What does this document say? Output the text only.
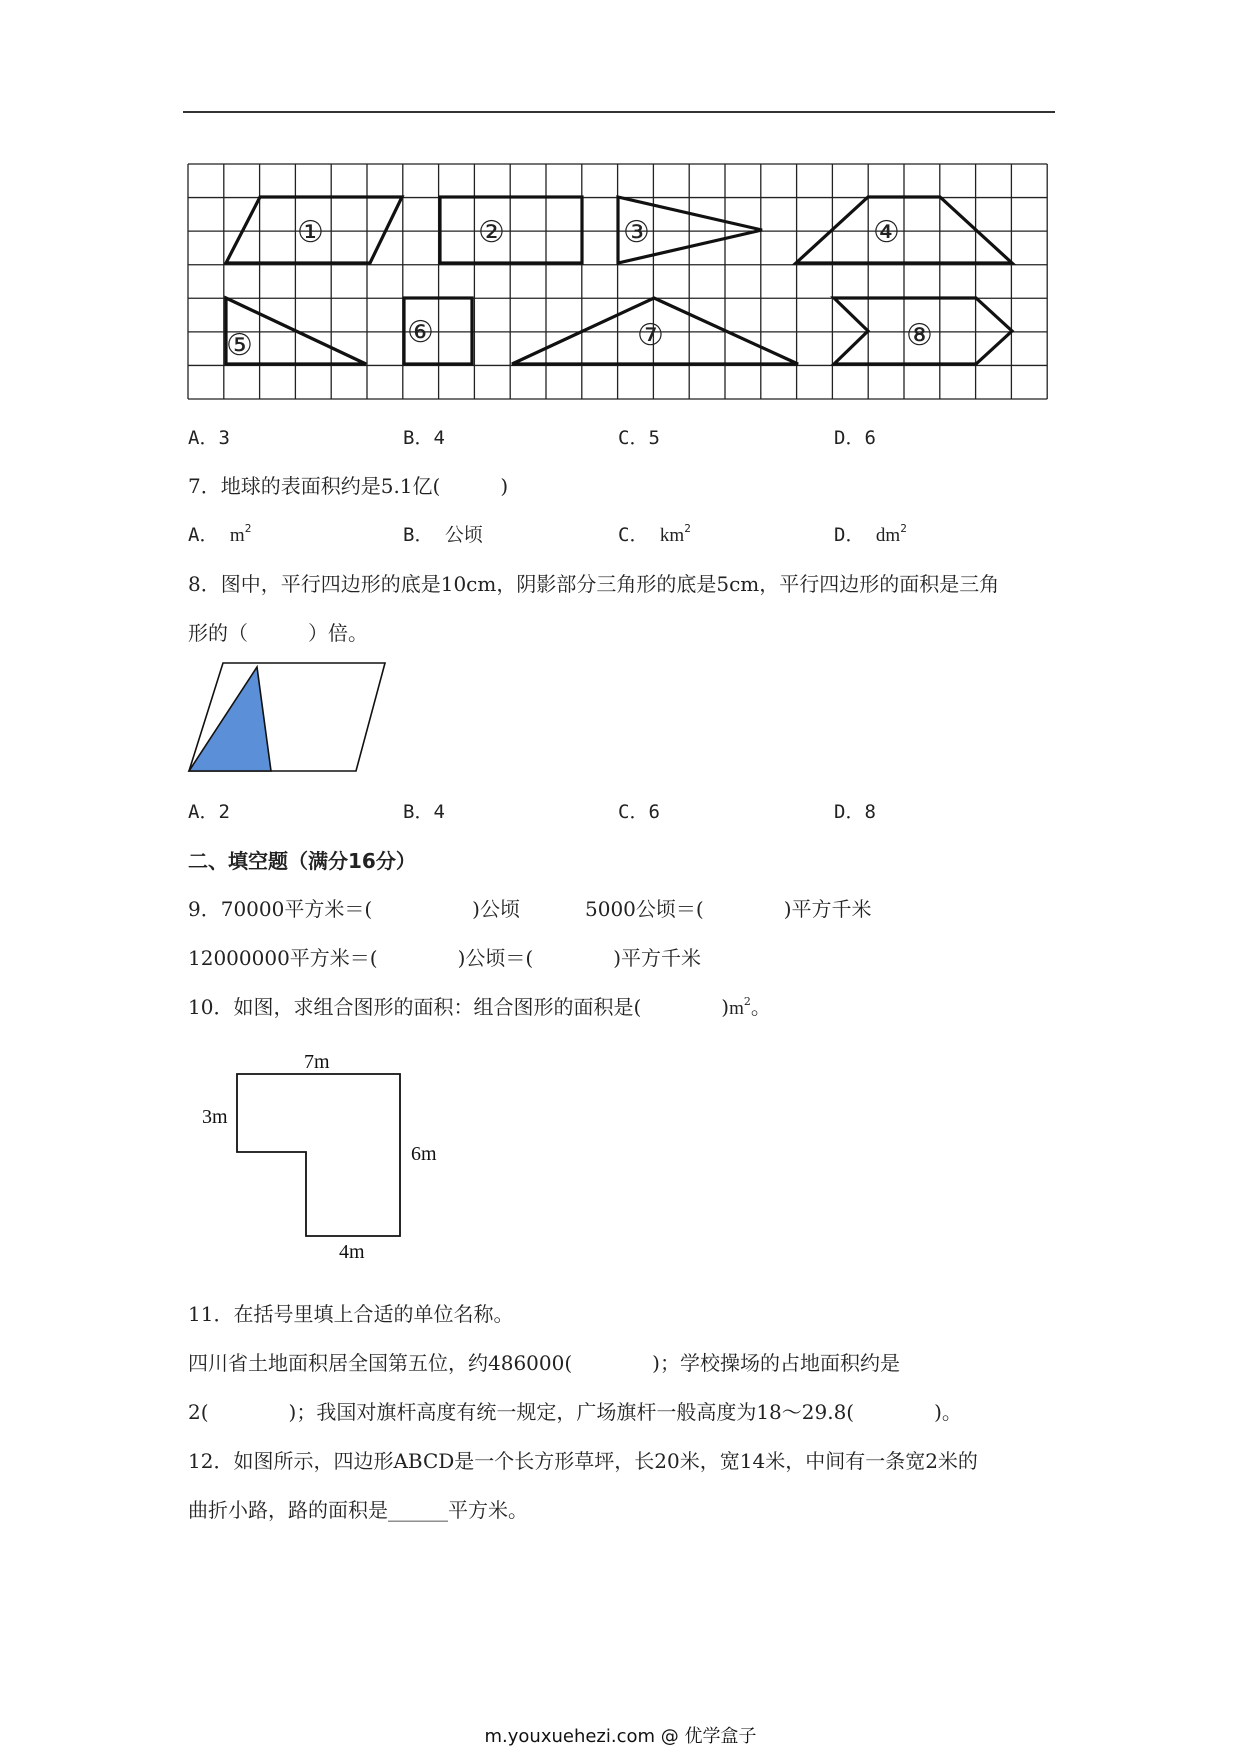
①	②	③	④
⑤	⑥	⑦	⑧
A．3	B．4	C．5	D．6
7．地球的表面积约是5.1亿(　　　)
A． $m^2$	B． 公顷	C． $km^2$	D． $dm^2$
8．图中，平行四边形的底是10cm，阴影部分三角形的底是5cm，平行四边形的面积是三角
形的（　　　）倍。
A．2	B．4	C．6	D．8
二、填空题（满分16分）
9．70000平方米＝(　　　　　)公顷	5000公顷＝(　　　　)平方千米
12000000平方米＝(　　　　)公顷＝(　　　　)平方千米
10．如图，求组合图形的面积：组合图形的面积是(　　　　)$m^2$。
7m
3m
6m
4m
11．在括号里填上合适的单位名称。
四川省土地面积居全国第五位，约486000(　　　　)；学校操场的占地面积约是
2(　　　　)；我国对旗杆高度有统一规定，广场旗杆一般高度为18～29.8(　　　　)。
12．如图所示，四边形ABCD是一个长方形草坪，长20米，宽14米，中间有一条宽2米的
曲折小路，路的面积是______平方米。
m.youxuehezi.com @ 优学盒子
